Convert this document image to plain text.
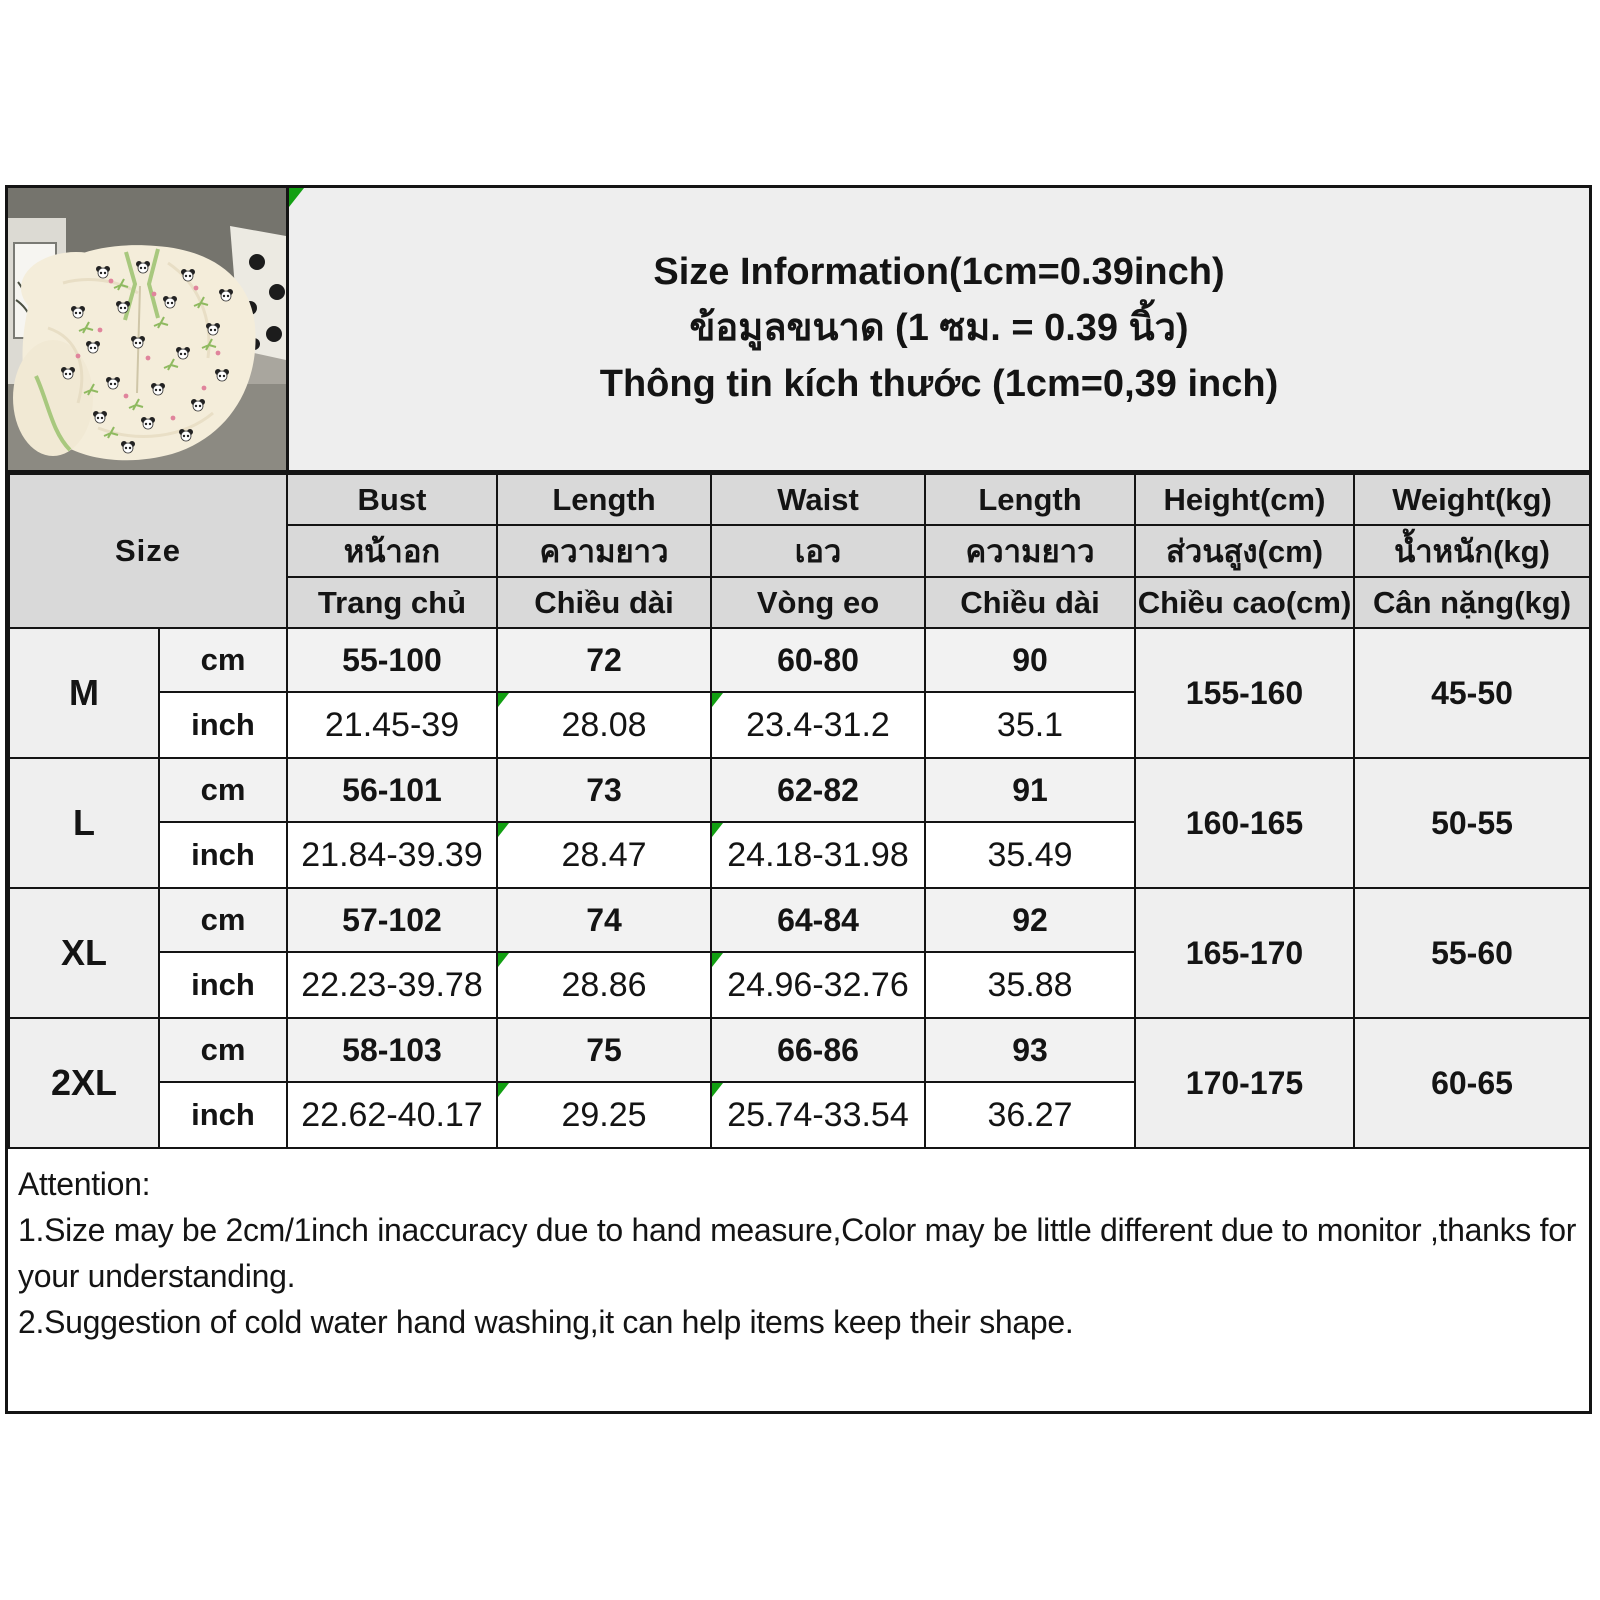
Size Information(1cm=0.39inch)
ข้อมูลขนาด (1 ซม. = 0.39 นิ้ว)
Thông tin kích thước (1cm=0,39 inch)
Size		Bust	Length	Waist	Length	Height(cm)	Weight(kg)
		หน้าอก	ความยาว	เอว	ความยาว	ส่วนสูง(cm)	น้ำหนัก(kg)
		Trang chủ	Chiều dài	Vòng eo	Chiều dài	Chiều cao(cm)	Cân nặng(kg)
M	cm	55-100	72	60-80	90	155-160	45-50
	inch	21.45-39	28.08	23.4-31.2	35.1		
L	cm	56-101	73	62-82	91	160-165	50-55
	inch	21.84-39.39	28.47	24.18-31.98	35.49		
XL	cm	57-102	74	64-84	92	165-170	55-60
	inch	22.23-39.78	28.86	24.96-32.76	35.88		
2XL	cm	58-103	75	66-86	93	170-175	60-65
	inch	22.62-40.17	29.25	25.74-33.54	36.27		

Attention:

1.Size may be 2cm/1inch inaccuracy due to hand measure,Color may be little different due to monitor ,thanks for your understanding.

2.Suggestion of cold water hand washing,it can help items keep their shape.
